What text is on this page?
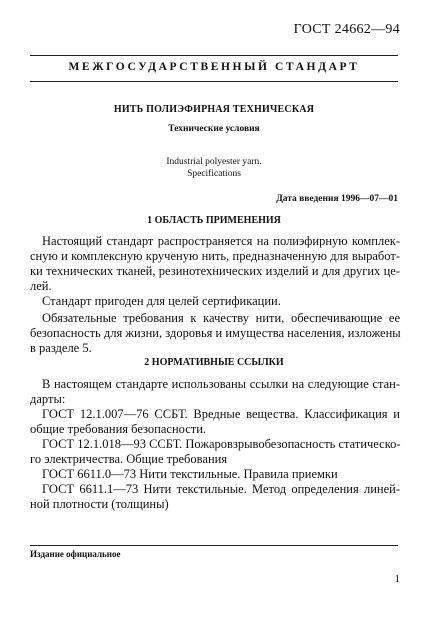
ГОСТ 24662—94
МЕЖГОСУДАРСТВЕННЫЙ СТАНДАРТ
НИТЬ ПОЛИЭФИРНАЯ ТЕХНИЧЕСКАЯ
Технические условия
Industrial polyester yarn.
Specifications
Дата введения 1996—07—01
1 ОБЛАСТЬ ПРИМЕНЕНИЯ
Настоящий стандарт распространяется на полиэфирную комплек-
сную и комплексную крученую нить, предназначенную для выработ-
ки технических тканей, резинотехнических изделий и для других це-
лей.
Стандарт пригоден для целей сертификации.
Обязательные требования к качеству нити, обеспечивающие ее
безопасность для жизни, здоровья и имущества населения, изложены
в разделе 5.
2 НОРМАТИВНЫЕ ССЫЛКИ
В настоящем стандарте использованы ссылки на следующие стан-
дарты:
ГОСТ 12.1.007—76 ССБТ. Вредные вещества. Классификация и
общие требования безопасности.
ГОСТ 12.1.018—93 ССБТ. Пожаровзрывобезопасность статическо-
го электричества. Общие требования
ГОСТ 6611.0—73 Нити текстильные. Правила приемки
ГОСТ 6611.1—73 Нити текстильные. Метод определения линей-
ной плотности (толщины)
Издание официальное
1
